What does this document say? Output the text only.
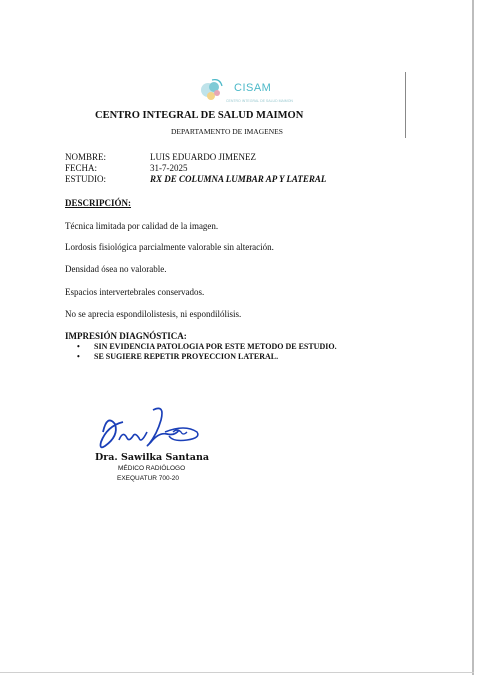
CISAM
CENTRO INTEGRAL DE SALUD MAIMON
CENTRO INTEGRAL DE SALUD MAIMON
DEPARTAMENTO DE IMAGENES
NOMBRE:	LUIS EDUARDO JIMENEZ
FECHA:	31-7-2025
ESTUDIO:	RX DE COLUMNA LUMBAR AP Y LATERAL
DESCRIPCIÓN:
Técnica limitada por calidad de la imagen.
Lordosis fisiológica parcialmente valorable sin alteración.
Densidad ósea no valorable.
Espacios intervertebrales conservados.
No se aprecia espondilolistesis, ni espondilólisis.
IMPRESIÓN DIAGNÓSTICA:
• SIN EVIDENCIA PATOLOGIA POR ESTE METODO DE ESTUDIO.
• SE SUGIERE REPETIR PROYECCION LATERAL.
Dra. Sawilka Santana
MÉDICO RADIÓLOGO
EXEQUATUR 700-20
